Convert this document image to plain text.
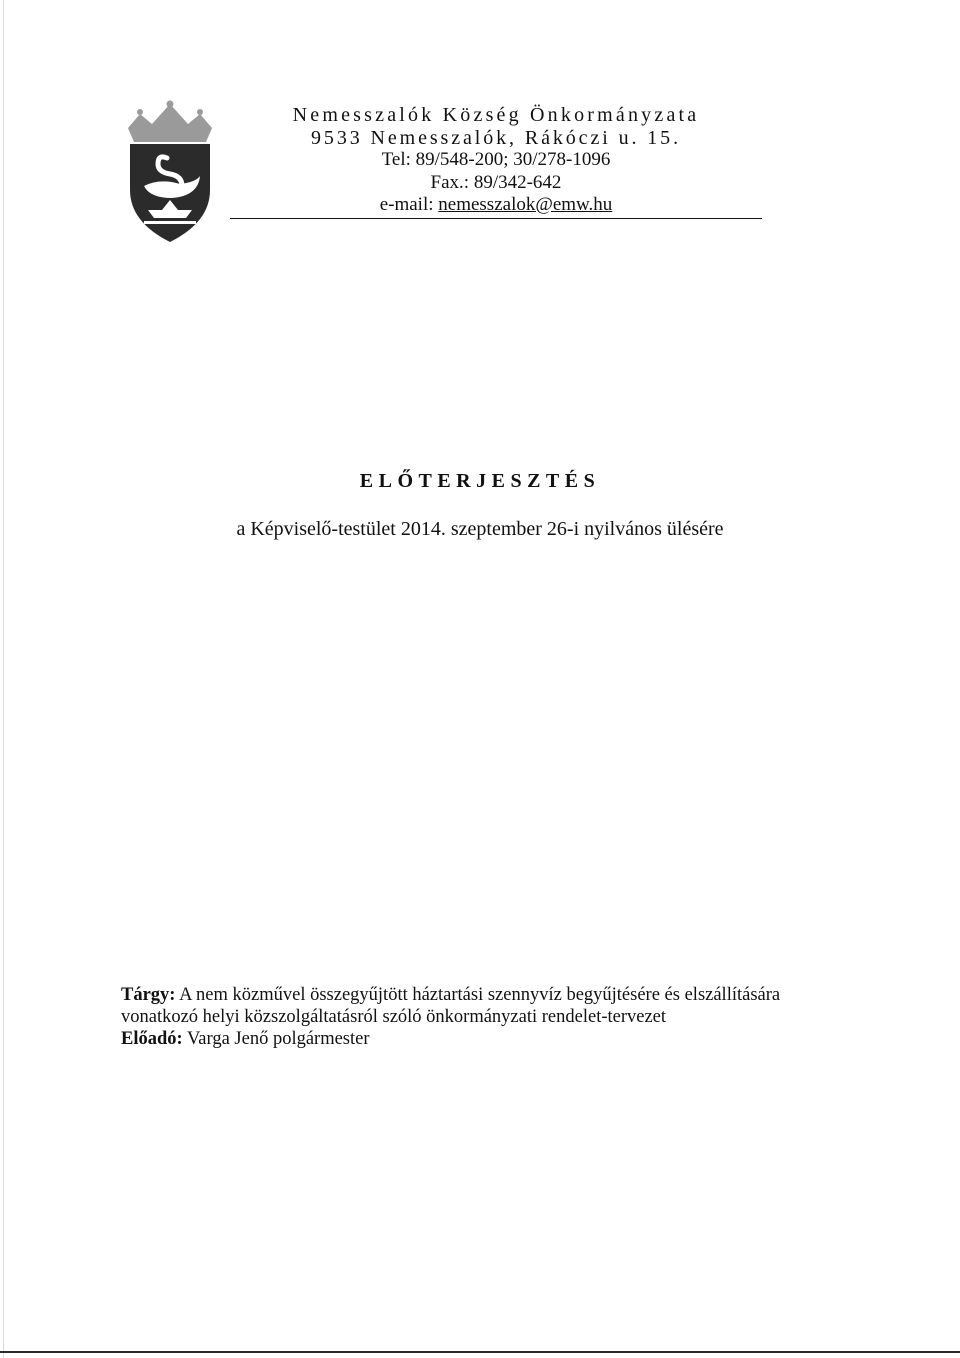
Nemesszalók Község Önkormányzata
9533 Nemesszalók, Rákóczi u. 15.
Tel: 89/548-200; 30/278-1096
Fax.: 89/342-642
e-mail: nemesszalok@emw.hu
ELŐTERJESZTÉS
a Képviselő-testület 2014. szeptember 26-i nyilvános ülésére
Tárgy: A nem közművel összegyűjtött háztartási szennyvíz begyűjtésére és elszállítására
vonatkozó helyi közszolgáltatásról szóló önkormányzati rendelet-tervezet
Előadó: Varga Jenő polgármester
